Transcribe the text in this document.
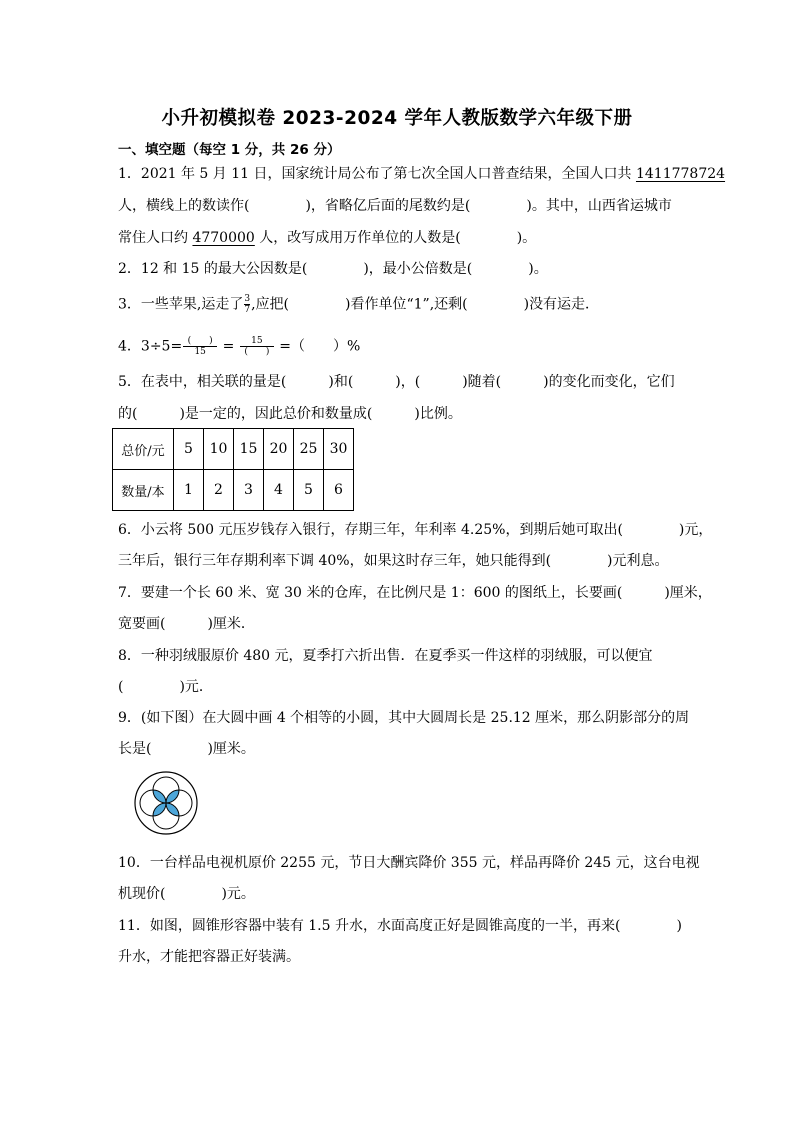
小升初模拟卷 2023-2024 学年人教版数学六年级下册
一、填空题（每空 1 分，共 26 分）
1．2021 年 5 月 11 日，国家统计局公布了第七次全国人口普查结果，全国人口共 1411778724
人，横线上的数读作(　　　　)，省略亿后面的尾数约是(　　　　)。其中，山西省运城市
常住人口约 4770000 人，改写成用万作单位的人数是(　　　　)。
2．12 和 15 的最大公因数是(　　　　)，最小公倍数是(　　　　)。
3．一些苹果,运走了 $\frac{3}{7}$ ,应把(　　　　)看作单位“1”,还剩(　　　　)没有运走．
4．$3\div 5= \frac{( )}{15} = \frac{15}{( )}$ =（　　）%
5．在表中，相关联的量是(　　　)和(　　　)，(　　　)随着(　　　)的变化而变化，它们
的(　　　)是一定的，因此总价和数量成(　　　)比例。
总价/元	5	10	15	20	25	30
数量/本	1	2	3	4	5	6
6．小云将 500 元压岁钱存入银行，存期三年，年利率 4.25%，到期后她可取出(　　　　)元，
三年后，银行三年存期利率下调 40%，如果这时存三年，她只能得到(　　　　)元利息。
7．要建一个长 60 米、宽 30 米的仓库，在比例尺是 1：600 的图纸上，长要画(　　　)厘米，
宽要画(　　　)厘米．
8．一种羽绒服原价 480 元，夏季打六折出售．在夏季买一件这样的羽绒服，可以便宜
(　　　　)元．
9．(如下图）在大圆中画 4 个相等的小圆，其中大圆周长是 25.12 厘米，那么阴影部分的周
长是(　　　　)厘米。
10．一台样品电视机原价 2255 元，节日大酬宾降价 355 元，样品再降价 245 元，这台电视
机现价(　　　　)元。
11．如图，圆锥形容器中装有 1.5 升水，水面高度正好是圆锥高度的一半，再来(　　　　)
升水，才能把容器正好装满。
